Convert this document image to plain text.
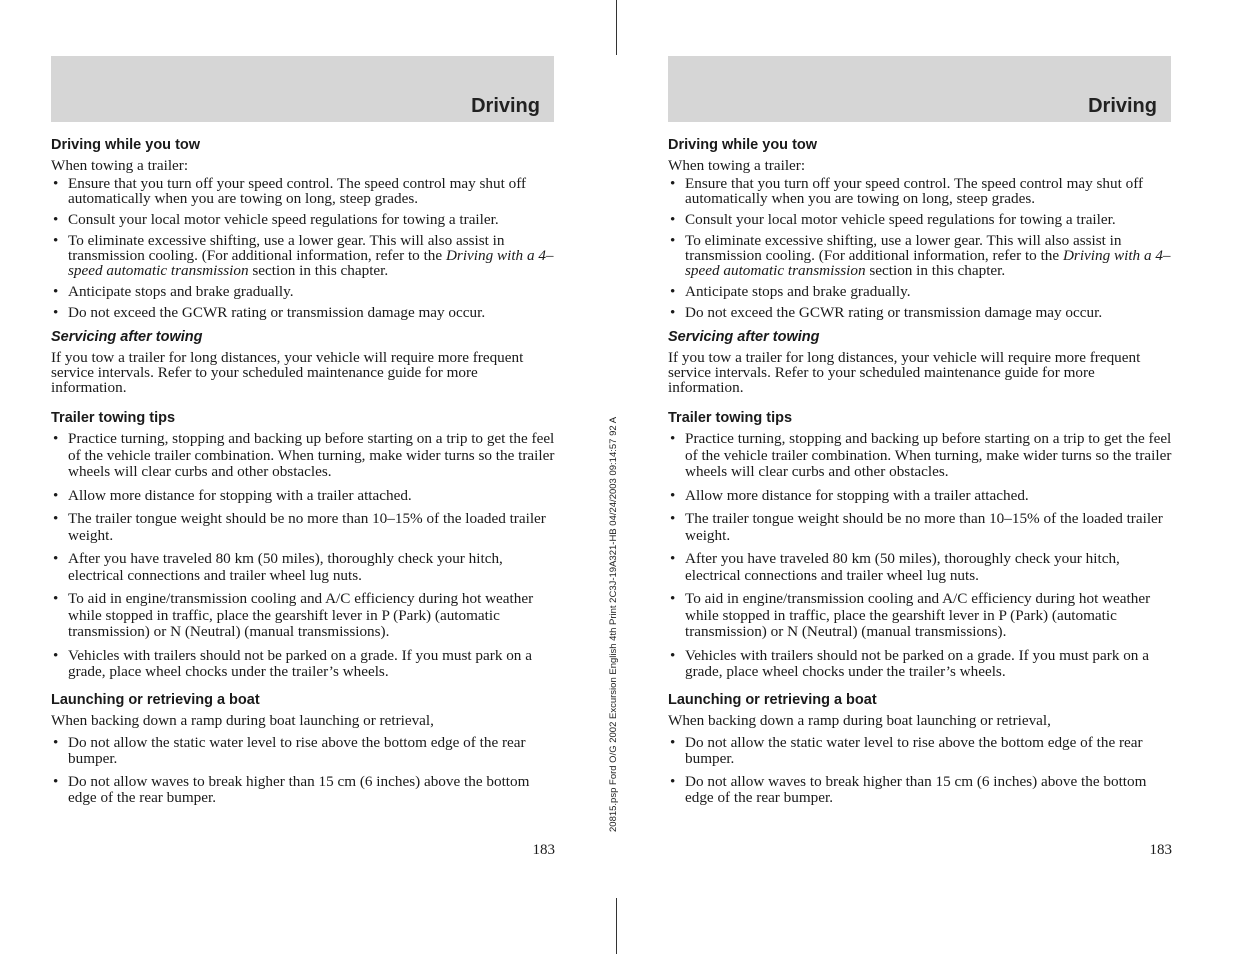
20815.psp Ford O/G 2002 Excursion English 4th Print 2C3J-19A321-HB 04/24/2003 09:14:57 92 A
Driving
Driving while you tow

When towing a trailer:

• Ensure that you turn off your speed control. The speed control may shut off automatically when you are towing on long, steep grades.
• Consult your local motor vehicle speed regulations for towing a trailer.
• To eliminate excessive shifting, use a lower gear. This will also assist in transmission cooling. (For additional information, refer to the Driving with a 4–speed automatic transmission section in this chapter.
• Anticipate stops and brake gradually.
• Do not exceed the GCWR rating or transmission damage may occur.
Servicing after towing

If you tow a trailer for long distances, your vehicle will require more frequent service intervals. Refer to your scheduled maintenance guide for more information.

Trailer towing tips
• Practice turning, stopping and backing up before starting on a trip to get the feel of the vehicle trailer combination. When turning, make wider turns so the trailer wheels will clear curbs and other obstacles.
• Allow more distance for stopping with a trailer attached.
• The trailer tongue weight should be no more than 10–15% of the loaded trailer weight.
• After you have traveled 80 km (50 miles), thoroughly check your hitch, electrical connections and trailer wheel lug nuts.
• To aid in engine/transmission cooling and A/C efficiency during hot weather while stopped in traffic, place the gearshift lever in P (Park) (automatic transmission) or N (Neutral) (manual transmissions).
• Vehicles with trailers should not be parked on a grade. If you must park on a grade, place wheel chocks under the trailer’s wheels.
Launching or retrieving a boat

When backing down a ramp during boat launching or retrieval,

• Do not allow the static water level to rise above the bottom edge of the rear bumper.
• Do not allow waves to break higher than 15 cm (6 inches) above the bottom edge of the rear bumper.
183
Driving
Driving while you tow

When towing a trailer:

• Ensure that you turn off your speed control. The speed control may shut off automatically when you are towing on long, steep grades.
• Consult your local motor vehicle speed regulations for towing a trailer.
• To eliminate excessive shifting, use a lower gear. This will also assist in transmission cooling. (For additional information, refer to the Driving with a 4–speed automatic transmission section in this chapter.
• Anticipate stops and brake gradually.
• Do not exceed the GCWR rating or transmission damage may occur.
Servicing after towing

If you tow a trailer for long distances, your vehicle will require more frequent service intervals. Refer to your scheduled maintenance guide for more information.

Trailer towing tips
• Practice turning, stopping and backing up before starting on a trip to get the feel of the vehicle trailer combination. When turning, make wider turns so the trailer wheels will clear curbs and other obstacles.
• Allow more distance for stopping with a trailer attached.
• The trailer tongue weight should be no more than 10–15% of the loaded trailer weight.
• After you have traveled 80 km (50 miles), thoroughly check your hitch, electrical connections and trailer wheel lug nuts.
• To aid in engine/transmission cooling and A/C efficiency during hot weather while stopped in traffic, place the gearshift lever in P (Park) (automatic transmission) or N (Neutral) (manual transmissions).
• Vehicles with trailers should not be parked on a grade. If you must park on a grade, place wheel chocks under the trailer’s wheels.
Launching or retrieving a boat

When backing down a ramp during boat launching or retrieval,

• Do not allow the static water level to rise above the bottom edge of the rear bumper.
• Do not allow waves to break higher than 15 cm (6 inches) above the bottom edge of the rear bumper.
183
